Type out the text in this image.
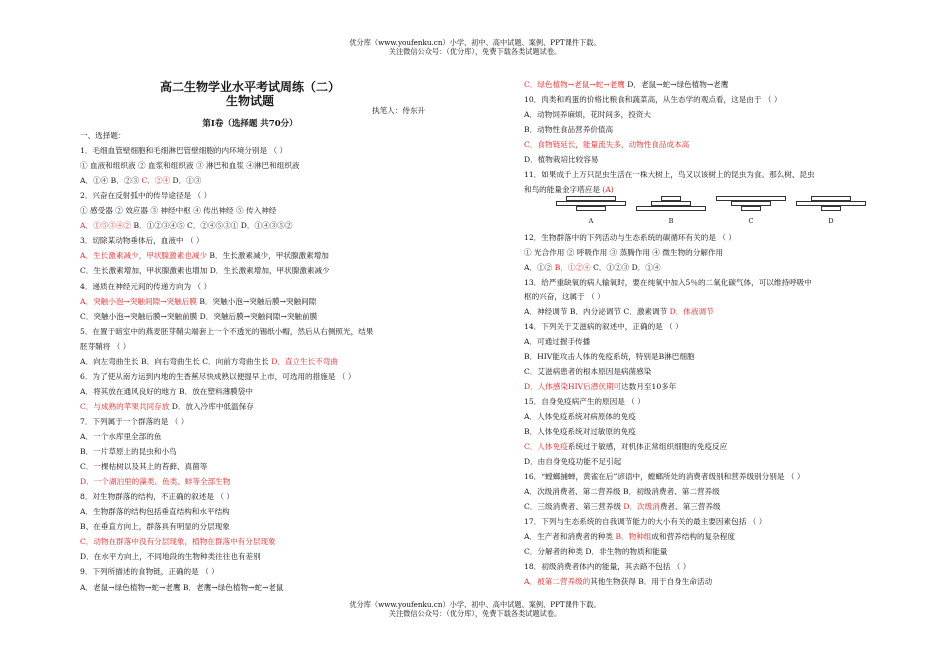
优分库（www.youfenku.cn）小学、初中、高中试题、案例、PPT课件下载。
关注微信公众号：（优分库），免费下载各类试题试卷。
高二生物学业水平考试周练（二）
生物试题
执笔人：侍东升
第Ⅰ卷（选择题 共70分）
一、选择题：
1．毛细血管壁细胞和毛细淋巴管壁细胞的内环境分别是 （ ）
① 血液和组织液 ② 血浆和组织液 ③ 淋巴和血浆 ④淋巴和组织液
A．①④ B．②③ C．②④ D．①③
2．兴奋在反射弧中的传导途径是 （ ）
① 感受器 ② 效应器 ③ 神经中枢 ④ 传出神经 ⑤ 传入神经
A．①⑤③④② B．①②③④⑤ C．②④⑤③① D．①④③⑤②
3．切除某动物垂体后，血液中 （ ）
A．生长激素减少，甲状腺激素也减少 B．生长激素减少，甲状腺激素增加
C．生长激素增加，甲状腺激素也增加 D．生长激素增加，甲状腺激素减少
4．递质在神经元间的传递方向为 （ ）
A．突触小泡→突触间隙→突触后膜 B．突触小泡→突触后膜→突触间隙
C．突触小泡→突触后膜→突触前膜 D．突触后膜→突触间隙→突触前膜
5．在置于暗室中的燕麦胚芽鞘尖端套上一个不透光的锡纸小帽，然后从右侧照光，结果
胚芽鞘将 （ ）
A．向左弯曲生长 B．向右弯曲生长 C．向前方弯曲生长 D．直立生长不弯曲
6．为了使从南方运到内地的生香蕉尽快成熟以便提早上市，可选用的措施是 （ ）
A．将其放在通风良好的地方 B．放在塑料薄膜袋中
C．与成熟的苹果共同存放 D．放入冷库中低温保存
7．下列属于一个群落的是 （ ）
A．一个水库里全部的鱼
B．一片草原上的昆虫和小鸟
C．一棵枯树以及其上的苔藓、真菌等
D．一个湖泊里的藻类、鱼类、蚌等全部生物
8．对生物群落的结构，不正确的叙述是 （ ）
A．生物群落的结构包括垂直结构和水平结构
B、在垂直方向上，群落具有明显的分层现象
C．动物在群落中没有分层现象，植物在群落中有分层现象
D．在水平方向上，不同地段的生物种类往往也有差别
9．下列所描述的食物链，正确的是 （ ）
A．老鼠→绿色植物→蛇→老鹰 B．老鹰→绿色植物→蛇→老鼠
C．绿色植物→老鼠→蛇→老鹰 D．老鼠→蛇→绿色植物→老鹰
10．肉类和鸡蛋的价格比粮食和蔬菜高，从生态学的观点看，这是由于 （ ）
A．动物饲养麻烦，花时间多，投资大
B．动物性食品营养价值高
C．食物链延长，能量流失多，动物性食品成本高
D．植物栽培比较容易
11．如果成千上万只昆虫生活在一株大树上，鸟又以该树上的昆虫为食。那么树、昆虫
和鸟的能量金字塔应是 (A)
12．生物群落中的下列活动与生态系统的碳循环有关的是 （ ）
① 光合作用 ② 呼吸作用 ③ 蒸腾作用 ④ 微生物的分解作用
A．①② B．①②④ C．①②③ D．①④
13．给严重缺氧的病人输氧时，要在纯氧中加入5％的二氧化碳气体，可以维持呼吸中
枢的兴奋，这属于 （ ）
A．神经调节 B．内分泌调节 C．激素调节 D．体液调节
14．下列关于艾滋病的叙述中，正确的是 （ ）
A．可通过握手传播
B．HIV能攻击人体的免疫系统，特别是B淋巴细胞
C．艾滋病患者的根本原因是病菌感染
D．人体感染HIV后潜伏期可达数月至10多年
15．自身免疫病产生的原因是 （ ）
A．人体免疫系统对病原体的免疫
B．人体免疫系统对过敏原的免疫
C．人体免疫系统过于敏感，对机体正常组织细胞的免疫反应
D．由自身免疫功能不足引起
16．“螳螂捕蝉，黄雀在后”谚语中，螳螂所处的消费者级别和营养级别分别是 （ ）
A．次级消费者、第二营养级 B．初级消费者、第二营养级
C．三级消费者、第三营养级 D．次级消费者、第三营养级
17．下列与生态系统的自我调节能力的大小有关的最主要因素包括 （ ）
A．生产者和消费者的种类 B．物种组成和营养结构的复杂程度
C．分解者的种类 D．非生物的物质和能量
18．初级消费者体内的能量，其去路不包括 （ ）
A．被第二营养级的其他生物获得 B．用于自身生命活动
A	B	C	D
优分库（www.youfenku.cn）小学、初中、高中试题、案例、PPT课件下载。
关注微信公众号：（优分库），免费下载各类试题试卷。
